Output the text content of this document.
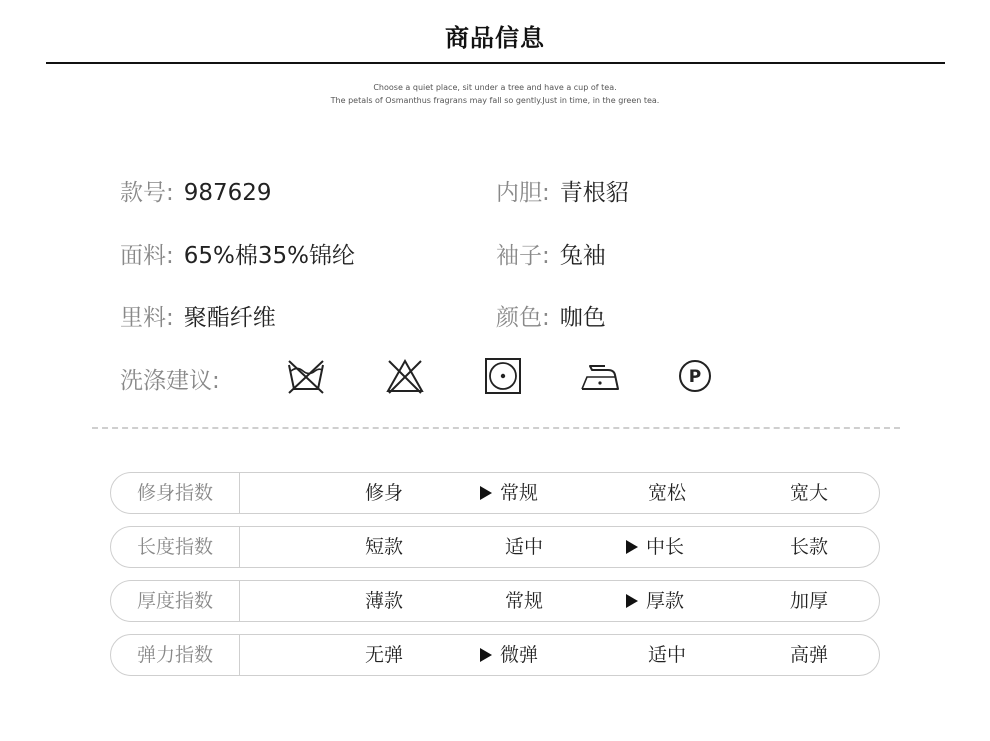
商品信息
Choose a quiet place, sit under a tree and have a cup of tea.
The petals of Osmanthus fragrans may fall so gently.Just in time, in the green tea.
款号: 987629	内胆: 青根貂
面料: 65%棉35%锦纶	袖子: 兔袖
里料: 聚酯纤维	颜色: 咖色
洗涤建议:	P
修身指数	修身	常规	宽松	宽大
长度指数	短款	适中	中长	长款
厚度指数	薄款	常规	厚款	加厚
弹力指数	无弹	微弹	适中	高弹
